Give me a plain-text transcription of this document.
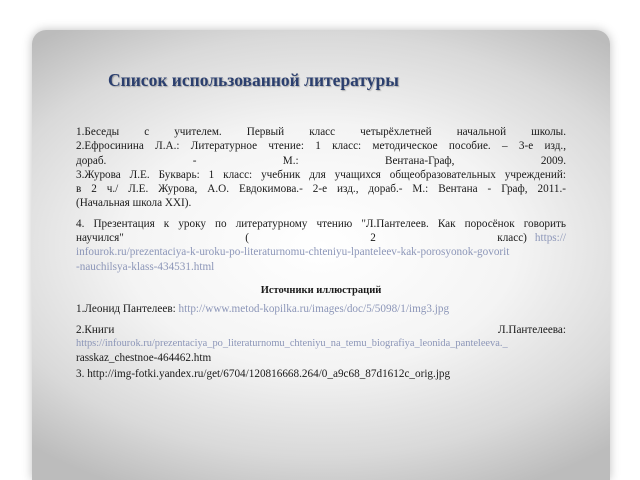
Список использованной литературы
1.Беседы с учителем. Первый класс четырёхлетней начальной школы.
2.Ефросинина Л.А.: Литературное чтение: 1 класс: методическое пособие. – 3-е изд.,
дораб. - М.: Вентана-Граф, 2009.
3.Журова Л.Е. Букварь: 1 класс: учебник для учащихся общеобразовательных учреждений:
в 2 ч./ Л.Е. Журова, А.О. Евдокимова.- 2-е изд., дораб.- М.: Вентана - Граф, 2011.-
(Начальная школа XXI).
4. Презентация к уроку по литературному чтению "Л.Пантелеев. Как поросёнок говорить
научился" ( 2 класс) https://
infourok.ru/prezentaciya-k-uroku-po-literaturnomu-chteniyu-lpanteleev-kak-porosyonok-govorit
-nauchilsya-klass-434531.html
Источники иллюстраций
1.Леонид Пантелеев: http://www.metod-kopilka.ru/images/doc/5/5098/1/img3.jpg
2.Книги	Л.Пантелеева:
https://infourok.ru/prezentaciya_po_literaturnomu_chteniyu_na_temu_biografiya_leonida_panteleeva._
rasskaz_chestnoe-464462.htm
3. http://img-fotki.yandex.ru/get/6704/120816668.264/0_a9c68_87d1612c_orig.jpg
